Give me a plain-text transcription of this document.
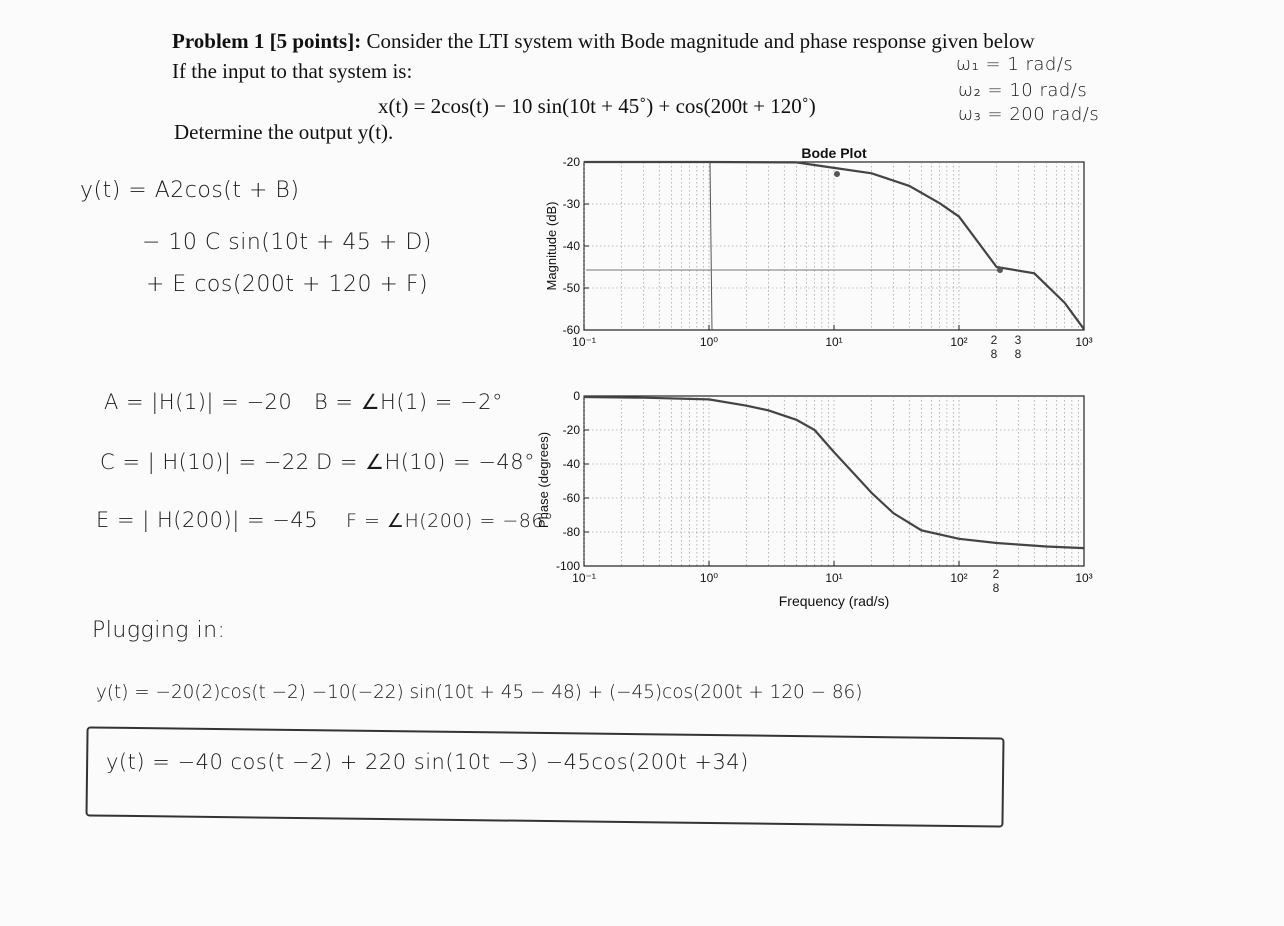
Problem 1 [5 points]: Consider the LTI system with Bode magnitude and phase response given below
If the input to that system is:
x(t) = 2cos(t) − 10 sin(10t + 45˚) + cos(200t + 120˚)
Determine the output y(t).
ω₁ = 1 rad/s
ω₂ = 10 rad/s
ω₃ = 200 rad/s
y(t) = A2cos(t + B)
− 10 C sin(10t + 45 + D)
+ E cos(200t + 120 + F)
A = |H(1)| = −20 B = ∠H(1) = −2°
C = | H(10)| = −22 D = ∠H(10) = −48°
E = | H(200)| = −45 F = ∠H(200) = −86°
Plugging in:
y(t) = −20(2)cos(t −2) −10(−22) sin(10t + 45 − 48) + (−45)cos(200t + 120 − 86)
y(t) = −40 cos(t −2) + 220 sin(10t −3) −45cos(200t +34)
Bode Plot
-20
-30
-40
-50
-60
10⁻¹	10⁰	10¹	10²	10³
Magnitude (dB)
2 3
8 8
0
-20
-40
-60
-80
-100
10⁻¹	10⁰	10¹	10²	10³
Phase (degrees)
Frequency (rad/s)
2
8
